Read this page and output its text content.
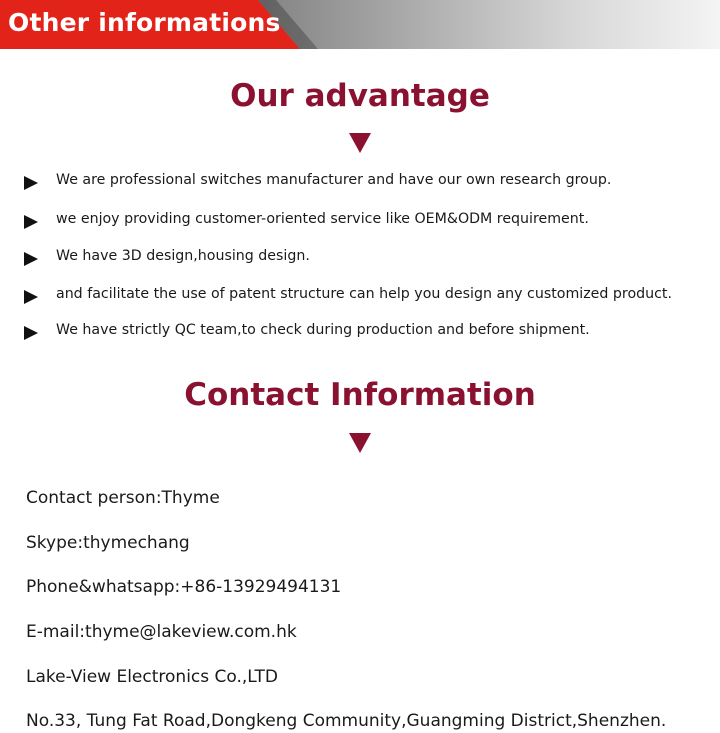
Other informations
Our advantage
We are professional switches manufacturer and have our own research group.
we enjoy providing customer-oriented service like OEM&ODM requirement.
We have 3D design,housing design.
and facilitate the use of patent structure can help you design any customized product.
We have strictly QC team,to check during production and before shipment.
Contact Information
Contact person:Thyme
Skype:thymechang
Phone&whatsapp:+86-13929494131
E-mail:thyme@lakeview.com.hk
Lake-View Electronics Co.,LTD
No.33, Tung Fat Road,Dongkeng Community,Guangming District,Shenzhen.
